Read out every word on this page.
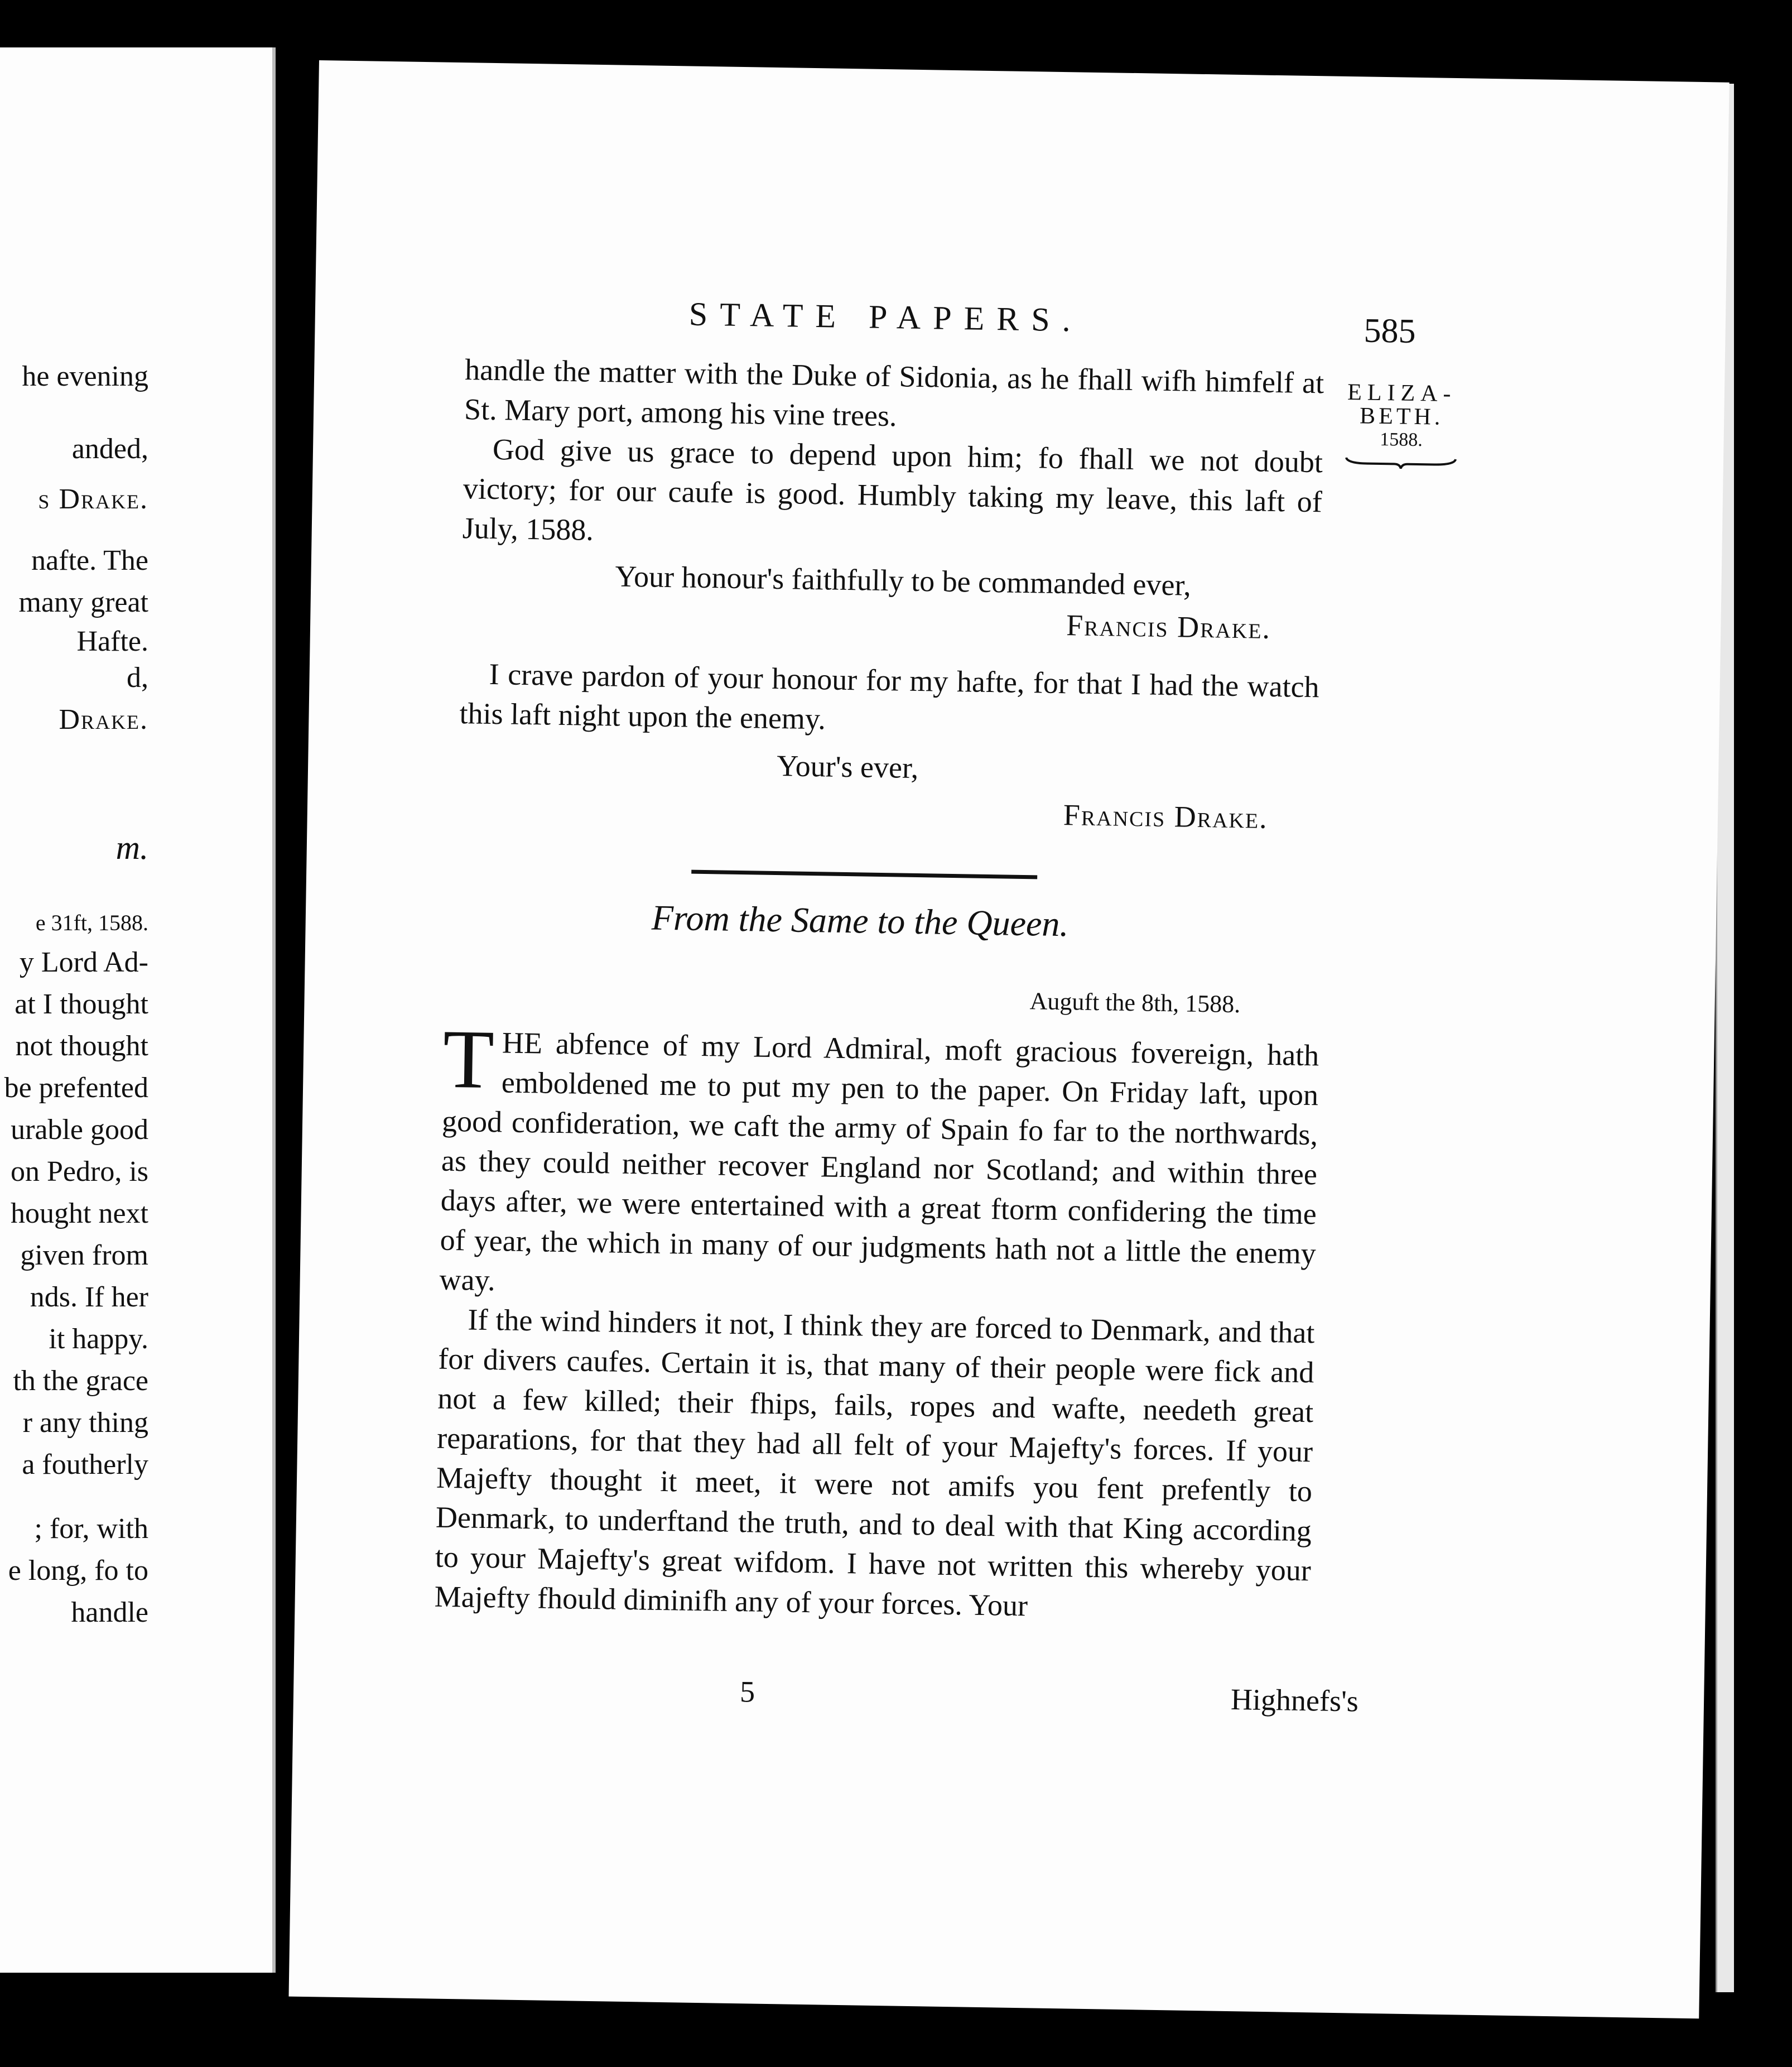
he evening
anded,
s Drake.
nafte. The
many great
Hafte.
d,
Drake.
m.
e 31ft, 1588.
y Lord Ad-
at I thought
not thought
be prefented
urable good
on Pedro, is
hought next
given from
nds. If her
it happy.
th the grace
r any thing
a foutherly
; for, with
e long, fo to
handle
STATE PAPERS.	585
ELIZA-
BETH.
1588.

handle the matter with the Duke of Sidonia, as he fhall wifh himfelf at St. Mary port, among his vine trees.

God give us grace to depend upon him; fo fhall we not doubt victory; for our caufe is good. Humbly taking my leave, this laft of July, 1588.

Your honour's faithfully to be commanded ever,
Francis Drake.

I crave pardon of your honour for my hafte, for that I had the watch this laft night upon the enemy.

Your's ever,
Francis Drake.
From the Same to the Queen.
Auguft the 8th, 1588.

THE abfence of my Lord Admiral, moft gracious fovereign, hath emboldened me to put my pen to the paper. On Friday laft, upon good confideration, we caft the army of Spain fo far to the northwards, as they could neither recover England nor Scotland; and within three days after, we were entertained with a great ftorm confidering the time of year, the which in many of our judgments hath not a little the enemy way.

If the wind hinders it not, I think they are forced to Denmark, and that for divers caufes. Certain it is, that many of their people were fick and not a few killed; their fhips, fails, ropes and wafte, needeth great reparations, for that they had all felt of your Majefty's forces. If your Majefty thought it meet, it were not amifs you fent prefently to Denmark, to underftand the truth, and to deal with that King according to your Majefty's great wifdom. I have not written this whereby your Majefty fhould diminifh any of your forces. Your

5	Highnefs's
